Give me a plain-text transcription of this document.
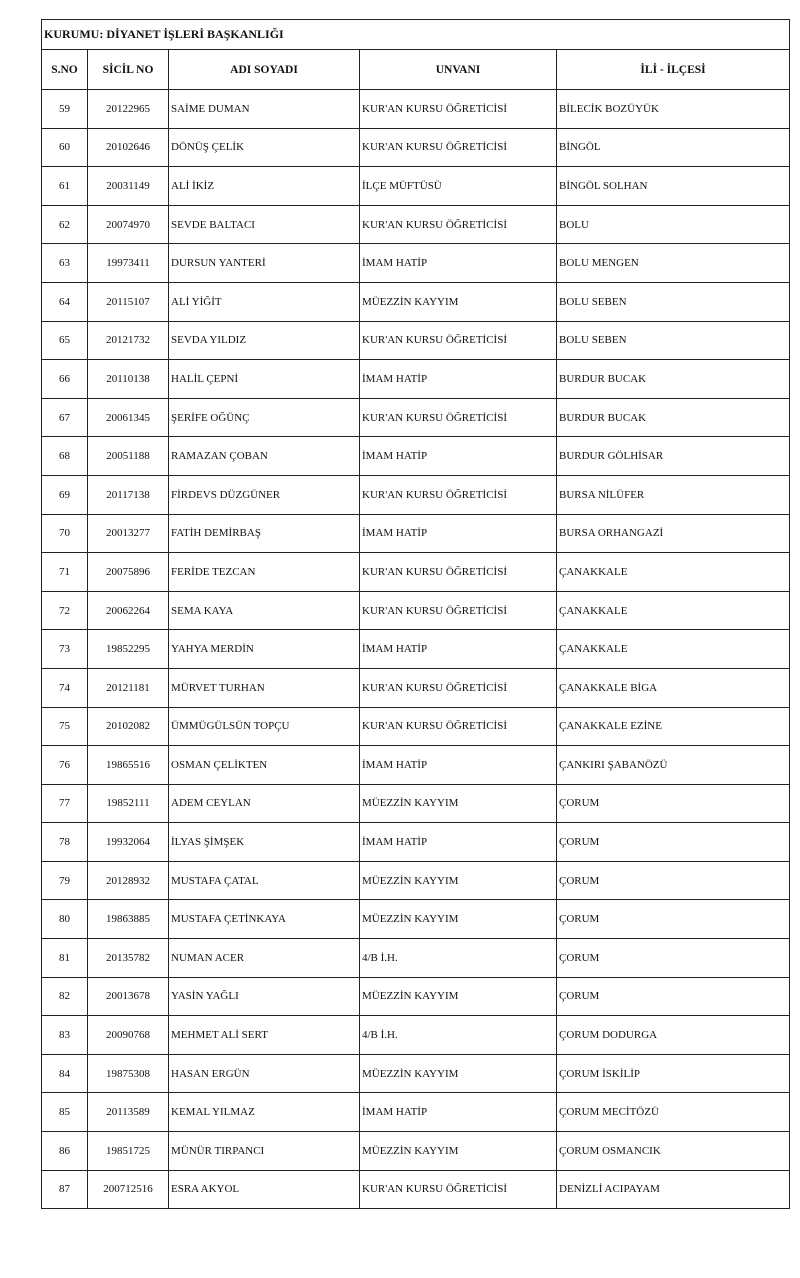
KURUMU: DİYANET İŞLERİ BAŞKANLIĞI				
S.NO	SİCİL NO	ADI SOYADI	UNVANI	İLİ - İLÇESİ
59	20122965	SAİME DUMAN	KUR'AN KURSU ÖĞRETİCİSİ	BİLECİK BOZÜYÜK
60	20102646	DÖNÜŞ ÇELİK	KUR'AN KURSU ÖĞRETİCİSİ	BİNGÖL
61	20031149	ALİ İKİZ	İLÇE MÜFTÜSÜ	BİNGÖL SOLHAN
62	20074970	SEVDE BALTACI	KUR'AN KURSU ÖĞRETİCİSİ	BOLU
63	19973411	DURSUN YANTERİ	İMAM HATİP	BOLU MENGEN
64	20115107	ALİ YİĞİT	MÜEZZİN KAYYIM	BOLU SEBEN
65	20121732	SEVDA YILDIZ	KUR'AN KURSU ÖĞRETİCİSİ	BOLU SEBEN
66	20110138	HALİL ÇEPNİ	İMAM HATİP	BURDUR BUCAK
67	20061345	ŞERİFE OĞÜNÇ	KUR'AN KURSU ÖĞRETİCİSİ	BURDUR BUCAK
68	20051188	RAMAZAN ÇOBAN	İMAM HATİP	BURDUR GÖLHİSAR
69	20117138	FİRDEVS DÜZGÜNER	KUR'AN KURSU ÖĞRETİCİSİ	BURSA NİLÜFER
70	20013277	FATİH DEMİRBAŞ	İMAM HATİP	BURSA ORHANGAZİ
71	20075896	FERİDE TEZCAN	KUR'AN KURSU ÖĞRETİCİSİ	ÇANAKKALE
72	20062264	SEMA KAYA	KUR'AN KURSU ÖĞRETİCİSİ	ÇANAKKALE
73	19852295	YAHYA MERDİN	İMAM HATİP	ÇANAKKALE
74	20121181	MÜRVET TURHAN	KUR'AN KURSU ÖĞRETİCİSİ	ÇANAKKALE BİGA
75	20102082	ÜMMÜGÜLSÜN TOPÇU	KUR'AN KURSU ÖĞRETİCİSİ	ÇANAKKALE EZİNE
76	19865516	OSMAN ÇELİKTEN	İMAM HATİP	ÇANKIRI ŞABANÖZÜ
77	19852111	ADEM CEYLAN	MÜEZZİN KAYYIM	ÇORUM
78	19932064	İLYAS ŞİMŞEK	İMAM HATİP	ÇORUM
79	20128932	MUSTAFA ÇATAL	MÜEZZİN KAYYIM	ÇORUM
80	19863885	MUSTAFA ÇETİNKAYA	MÜEZZİN KAYYIM	ÇORUM
81	20135782	NUMAN ACER	4/B İ.H.	ÇORUM
82	20013678	YASİN YAĞLI	MÜEZZİN KAYYIM	ÇORUM
83	20090768	MEHMET ALİ SERT	4/B İ.H.	ÇORUM DODURGA
84	19875308	HASAN ERGÜN	MÜEZZİN KAYYIM	ÇORUM İSKİLİP
85	20113589	KEMAL YILMAZ	İMAM HATİP	ÇORUM MECİTÖZÜ
86	19851725	MÜNÜR TIRPANCI	MÜEZZİN KAYYIM	ÇORUM OSMANCIK
87	200712516	ESRA AKYOL	KUR'AN KURSU ÖĞRETİCİSİ	DENİZLİ ACIPAYAM
